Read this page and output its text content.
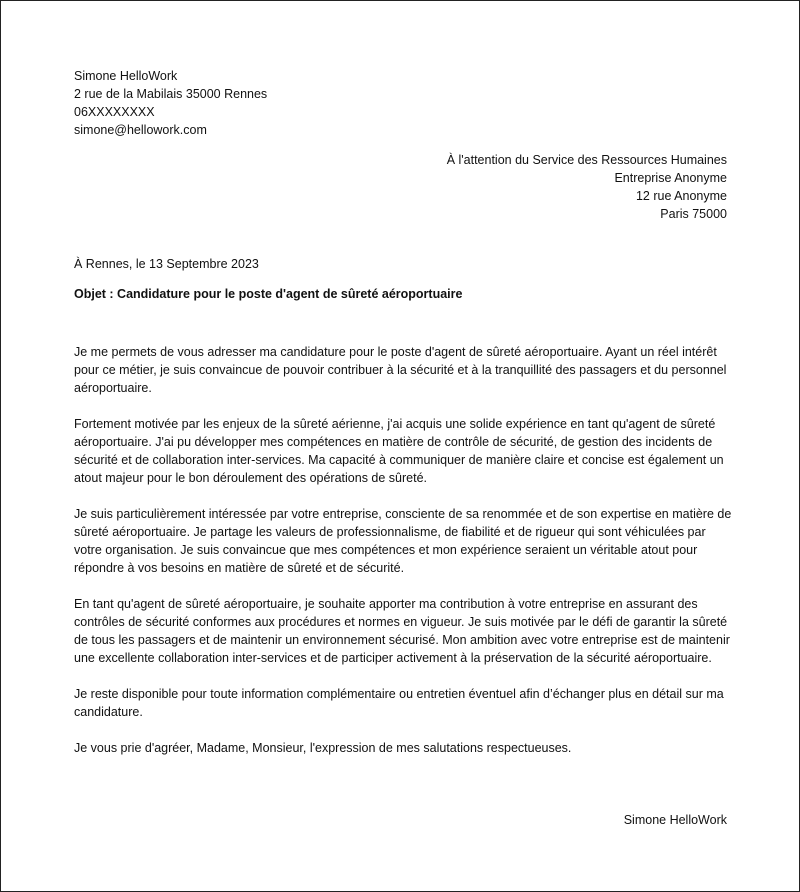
Simone HelloWork
2 rue de la Mabilais 35000 Rennes
06XXXXXXXX
simone@hellowork.com
À l'attention du Service des Ressources Humaines
Entreprise Anonyme
12 rue Anonyme
Paris 75000
À Rennes, le 13 Septembre 2023
Objet : Candidature pour le poste d'agent de sûreté aéroportuaire

Je me permets de vous adresser ma candidature pour le poste d'agent de sûreté aéroportuaire. Ayant un réel intérêt pour ce métier, je suis convaincue de pouvoir contribuer à la sécurité et à la tranquillité des passagers et du personnel aéroportuaire.

Fortement motivée par les enjeux de la sûreté aérienne, j'ai acquis une solide expérience en tant qu'agent de sûreté aéroportuaire. J'ai pu développer mes compétences en matière de contrôle de sécurité, de gestion des incidents de sécurité et de collaboration inter-services. Ma capacité à communiquer de manière claire et concise est également un atout majeur pour le bon déroulement des opérations de sûreté.

Je suis particulièrement intéressée par votre entreprise, consciente de sa renommée et de son expertise en matière de sûreté aéroportuaire. Je partage les valeurs de professionnalisme, de fiabilité et de rigueur qui sont véhiculées par votre organisation. Je suis convaincue que mes compétences et mon expérience seraient un véritable atout pour répondre à vos besoins en matière de sûreté et de sécurité.

En tant qu'agent de sûreté aéroportuaire, je souhaite apporter ma contribution à votre entreprise en assurant des contrôles de sécurité conformes aux procédures et normes en vigueur. Je suis motivée par le défi de garantir la sûreté de tous les passagers et de maintenir un environnement sécurisé. Mon ambition avec votre entreprise est de maintenir une excellente collaboration inter-services et de participer activement à la préservation de la sécurité aéroportuaire.

Je reste disponible pour toute information complémentaire ou entretien éventuel afin d’échanger plus en détail sur ma candidature.

Je vous prie d'agréer, Madame, Monsieur, l'expression de mes salutations respectueuses.

Simone HelloWork
